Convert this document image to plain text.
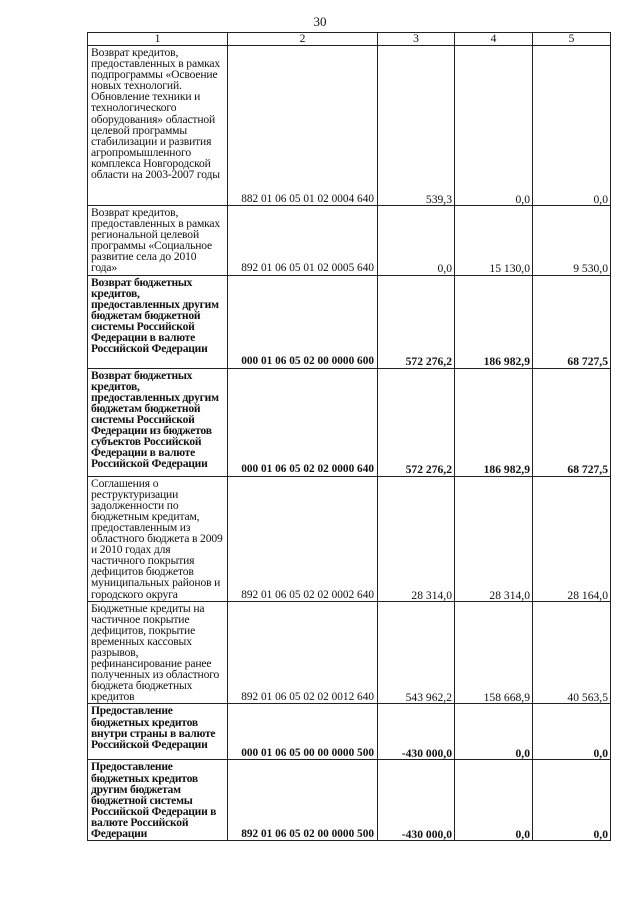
30
1	2	3	4	5
Возврат кредитов, предоставленных в рамках подпрограммы «Освоение новых технологий. Обновление техники и технологического оборудования» областной целевой программы стабилизации и развития агропромышленного комплекса Новгородской области на 2003-2007 годы	882 01 06 05 01 02 0004 640	539,3	0,0	0,0
Возврат кредитов, предоставленных в рамках региональной целевой программы «Социальное развитие села до 2010 года»	892 01 06 05 01 02 0005 640	0,0	15 130,0	9 530,0
Возврат бюджетных кредитов, предоставленных другим бюджетам бюджетной системы Российской Федерации в валюте Российской Федерации	000 01 06 05 02 00 0000 600	572 276,2	186 982,9	68 727,5
Возврат бюджетных кредитов, предоставленных другим бюджетам бюджетной системы Российской Федерации из бюджетов субъектов Российской Федерации в валюте Российской Федерации	000 01 06 05 02 02 0000 640	572 276,2	186 982,9	68 727,5
Соглашения о реструктуризации задолженности по бюджетным кредитам, предоставленным из областного бюджета в 2009 и 2010 годах для частичного покрытия дефицитов бюджетов муниципальных районов и городского округа	892 01 06 05 02 02 0002 640	28 314,0	28 314,0	28 164,0
Бюджетные кредиты на частичное покрытие дефицитов, покрытие временных кассовых разрывов, рефинансирование ранее полученных из областного бюджета бюджетных кредитов	892 01 06 05 02 02 0012 640	543 962,2	158 668,9	40 563,5
Предоставление бюджетных кредитов внутри страны в валюте Российской Федерации	000 01 06 05 00 00 0000 500	-430 000,0	0,0	0,0
Предоставление бюджетных кредитов другим бюджетам бюджетной системы Российской Федерации в валюте Российской Федерации	892 01 06 05 02 00 0000 500	-430 000,0	0,0	0,0
